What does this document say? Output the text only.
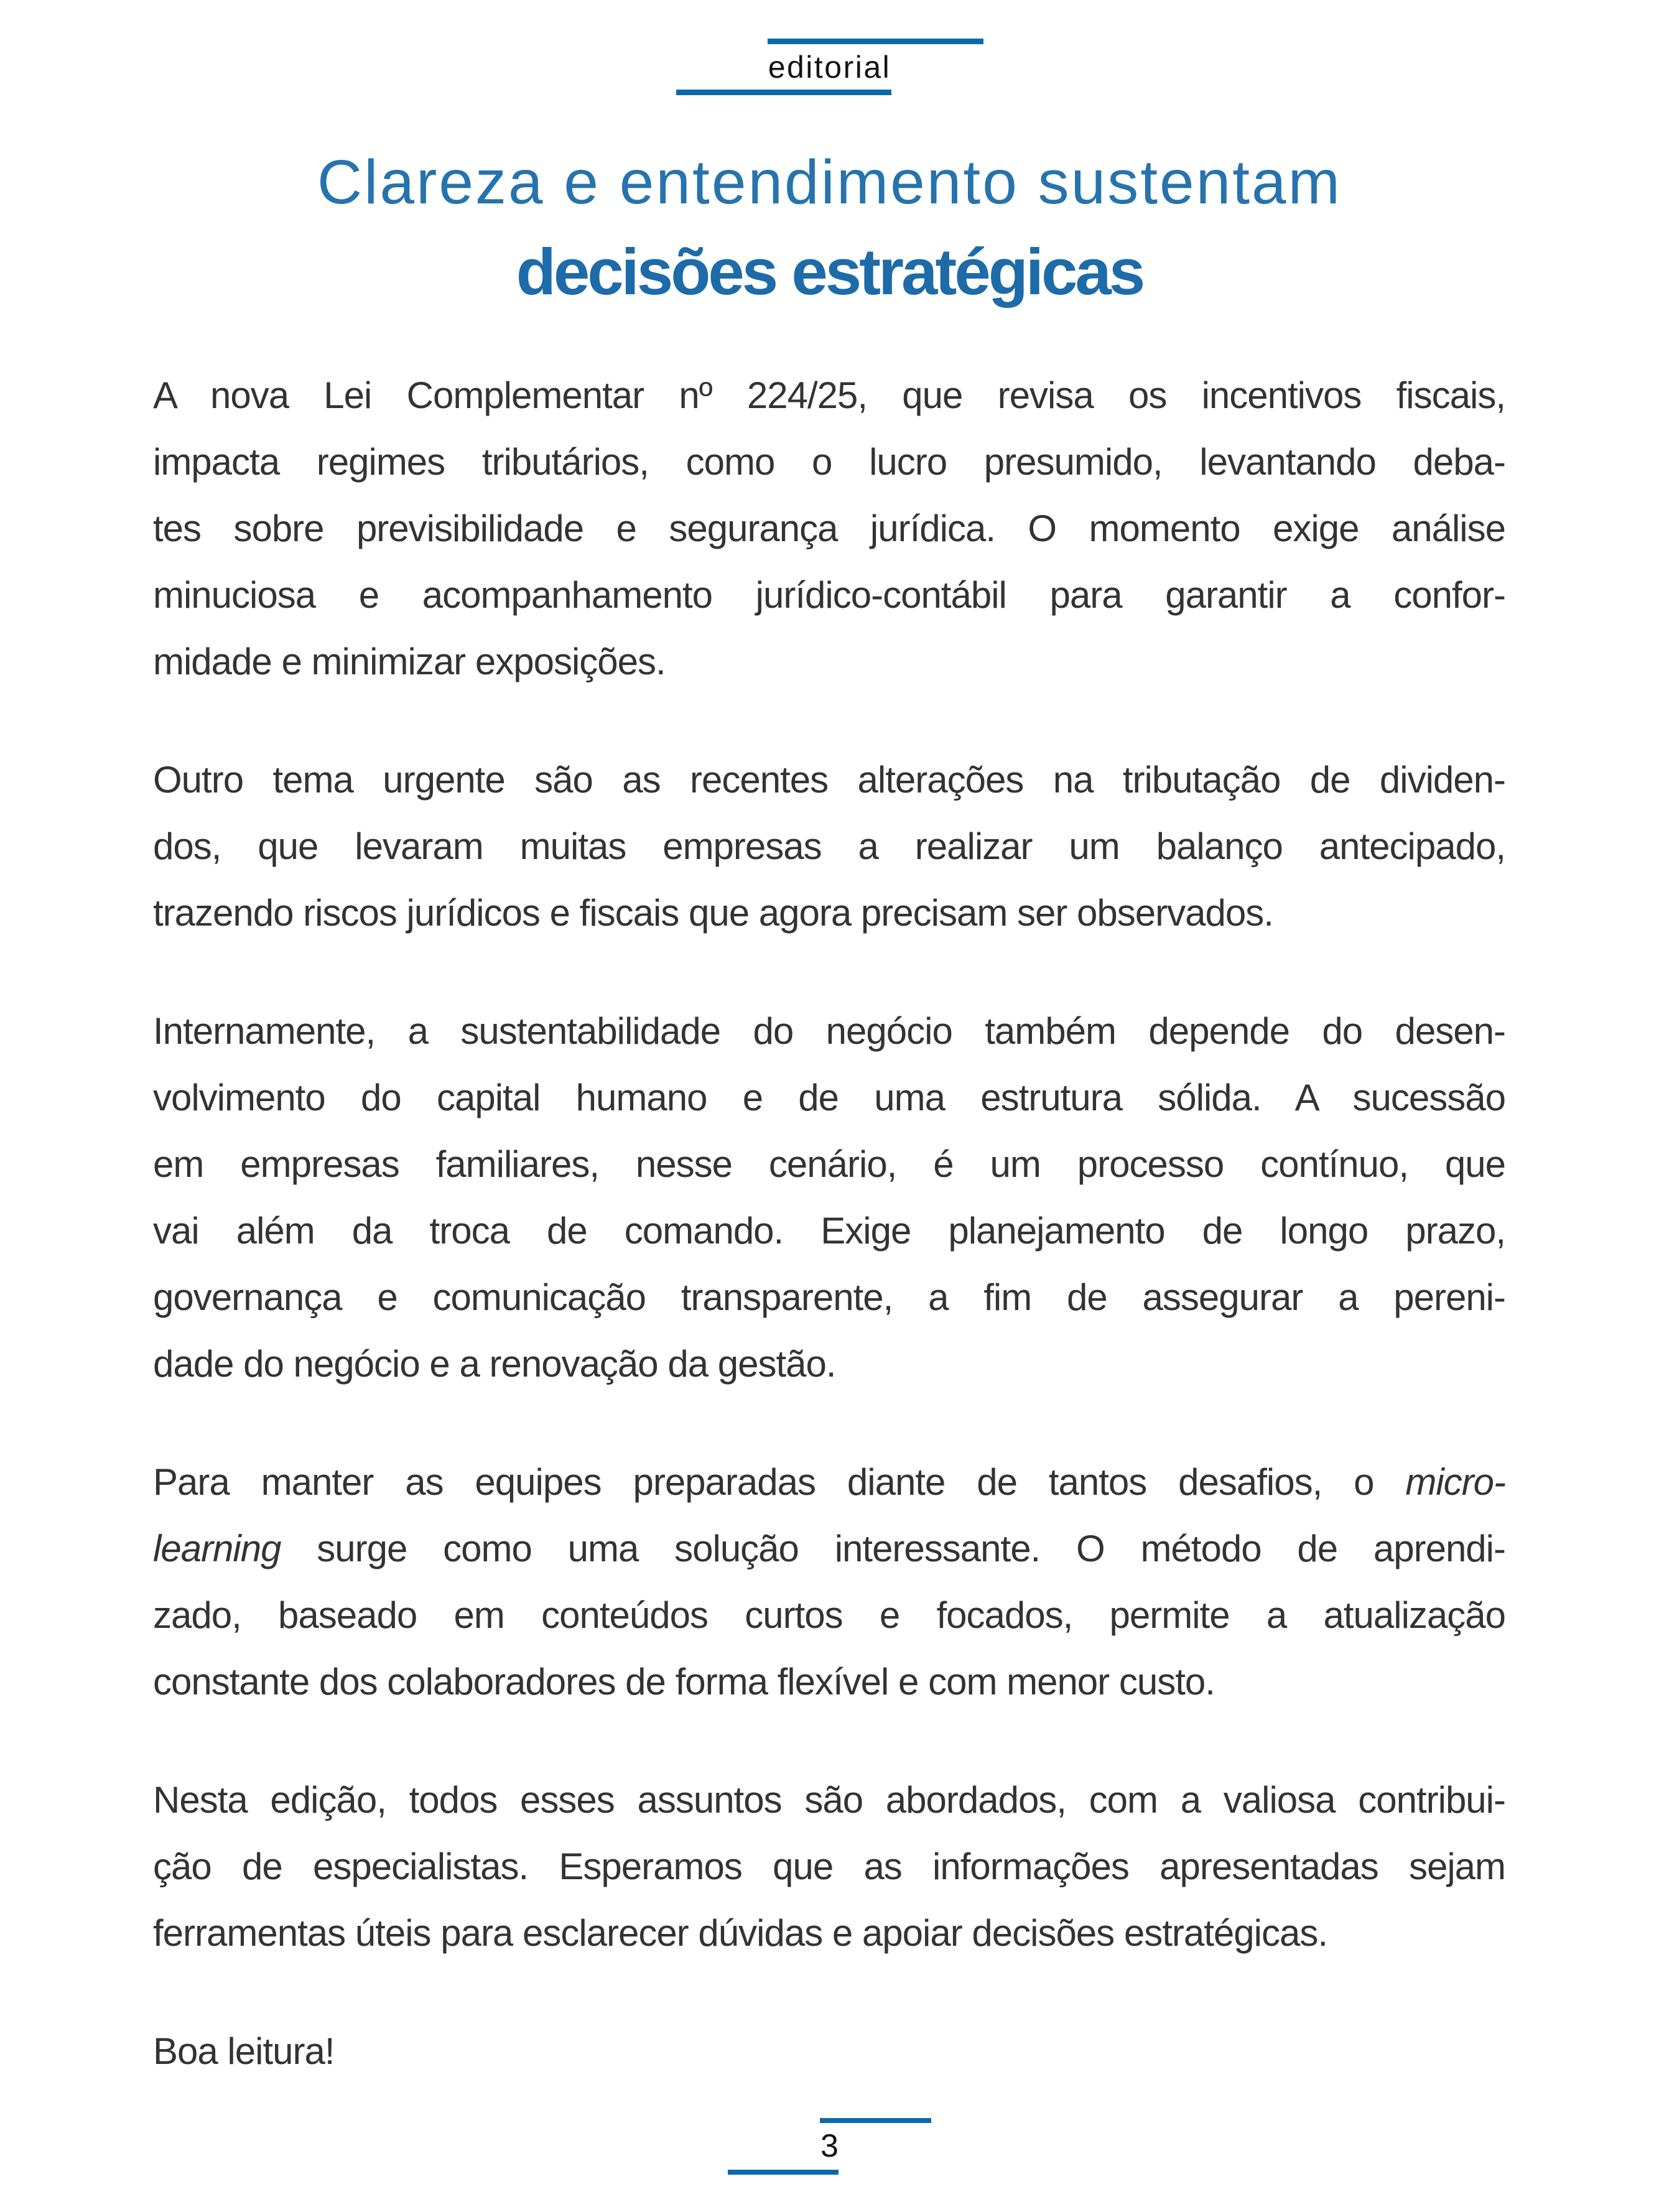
editorial
Clareza e entendimento sustentam
decisões estratégicas
A nova Lei Complementar nº 224/25, que revisa os incentivos fiscais,
impacta regimes tributários, como o lucro presumido, levantando deba-
tes sobre previsibilidade e segurança jurídica. O momento exige análise
minuciosa e acompanhamento jurídico-contábil para garantir a confor-
midade e minimizar exposições.
Outro tema urgente são as recentes alterações na tributação de dividen-
dos, que levaram muitas empresas a realizar um balanço antecipado,
trazendo riscos jurídicos e fiscais que agora precisam ser observados.
Internamente, a sustentabilidade do negócio também depende do desen-
volvimento do capital humano e de uma estrutura sólida. A sucessão
em empresas familiares, nesse cenário, é um processo contínuo, que
vai além da troca de comando. Exige planejamento de longo prazo,
governança e comunicação transparente, a fim de assegurar a pereni-
dade do negócio e a renovação da gestão.
Para manter as equipes preparadas diante de tantos desafios, o micro-
learning surge como uma solução interessante. O método de aprendi-
zado, baseado em conteúdos curtos e focados, permite a atualização
constante dos colaboradores de forma flexível e com menor custo.
Nesta edição, todos esses assuntos são abordados, com a valiosa contribui-
ção de especialistas. Esperamos que as informações apresentadas sejam
ferramentas úteis para esclarecer dúvidas e apoiar decisões estratégicas.
Boa leitura!
3
